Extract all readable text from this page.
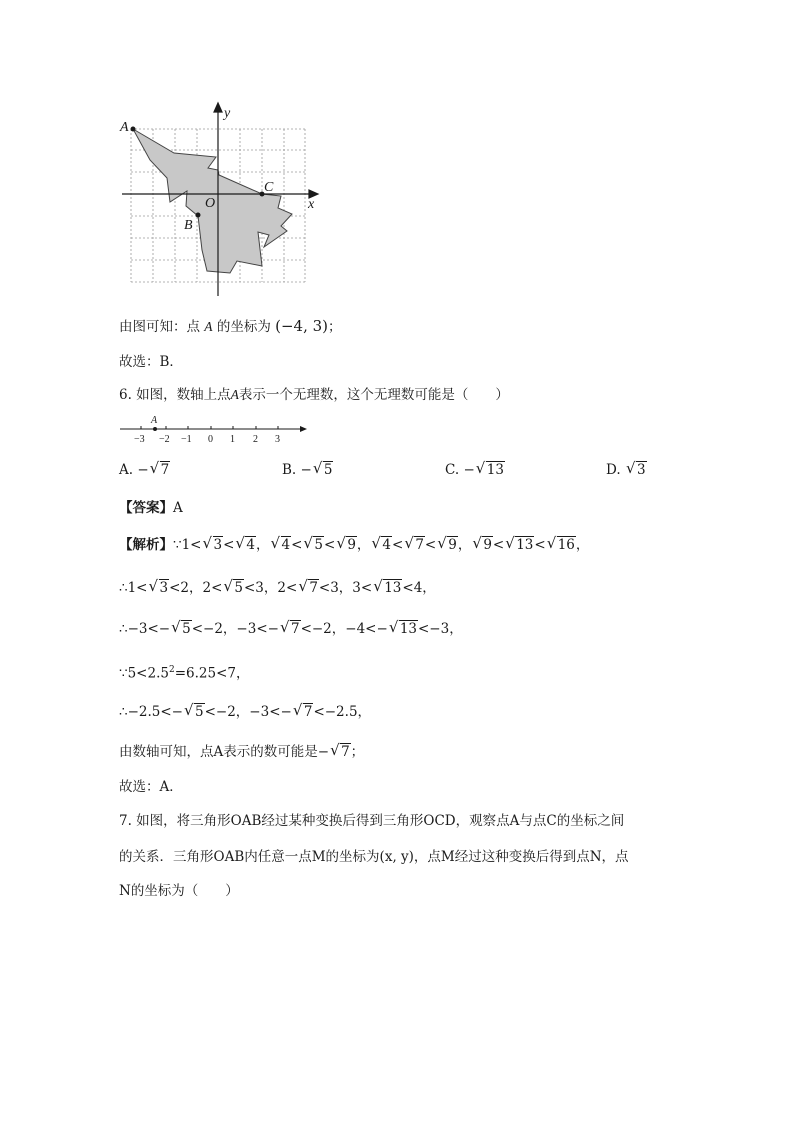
A
B
C
O	x
y
由图可知：点 A 的坐标为 (−4, 3)；
故选：B．
6. 如图，数轴上点A表示一个无理数，这个无理数可能是（　　）
A
−3 −2 −1 0 1 2 3
A. − √ 7	B. − √ 5	C. − √ 13	D. √ 3
【答案】A
【解析】∵1< √ 3< √ 4， √ 4< √ 5< √ 9， √ 4< √ 7< √ 9， √ 9< √ 13< √ 16，
∴1< √ 3<2，2< √ 5<3，2< √ 7<3，3< √ 13<4，
∴−3<− √ 5<−2，−3<− √ 7<−2，−4<− √ 13<−3，
$\because 5<2.5^2=6.25<7$，
∴−2.5<− √ 5<−2，−3<− √ 7<−2.5，
由数轴可知，点A表示的数可能是− √ 7；
故选：A．
7. 如图，将三角形OAB经过某种变换后得到三角形OCD，观察点A与点C的坐标之间
的关系．三角形OAB内任意一点M的坐标为(x, y)，点M经过这种变换后得到点N，点
N的坐标为（　　）
